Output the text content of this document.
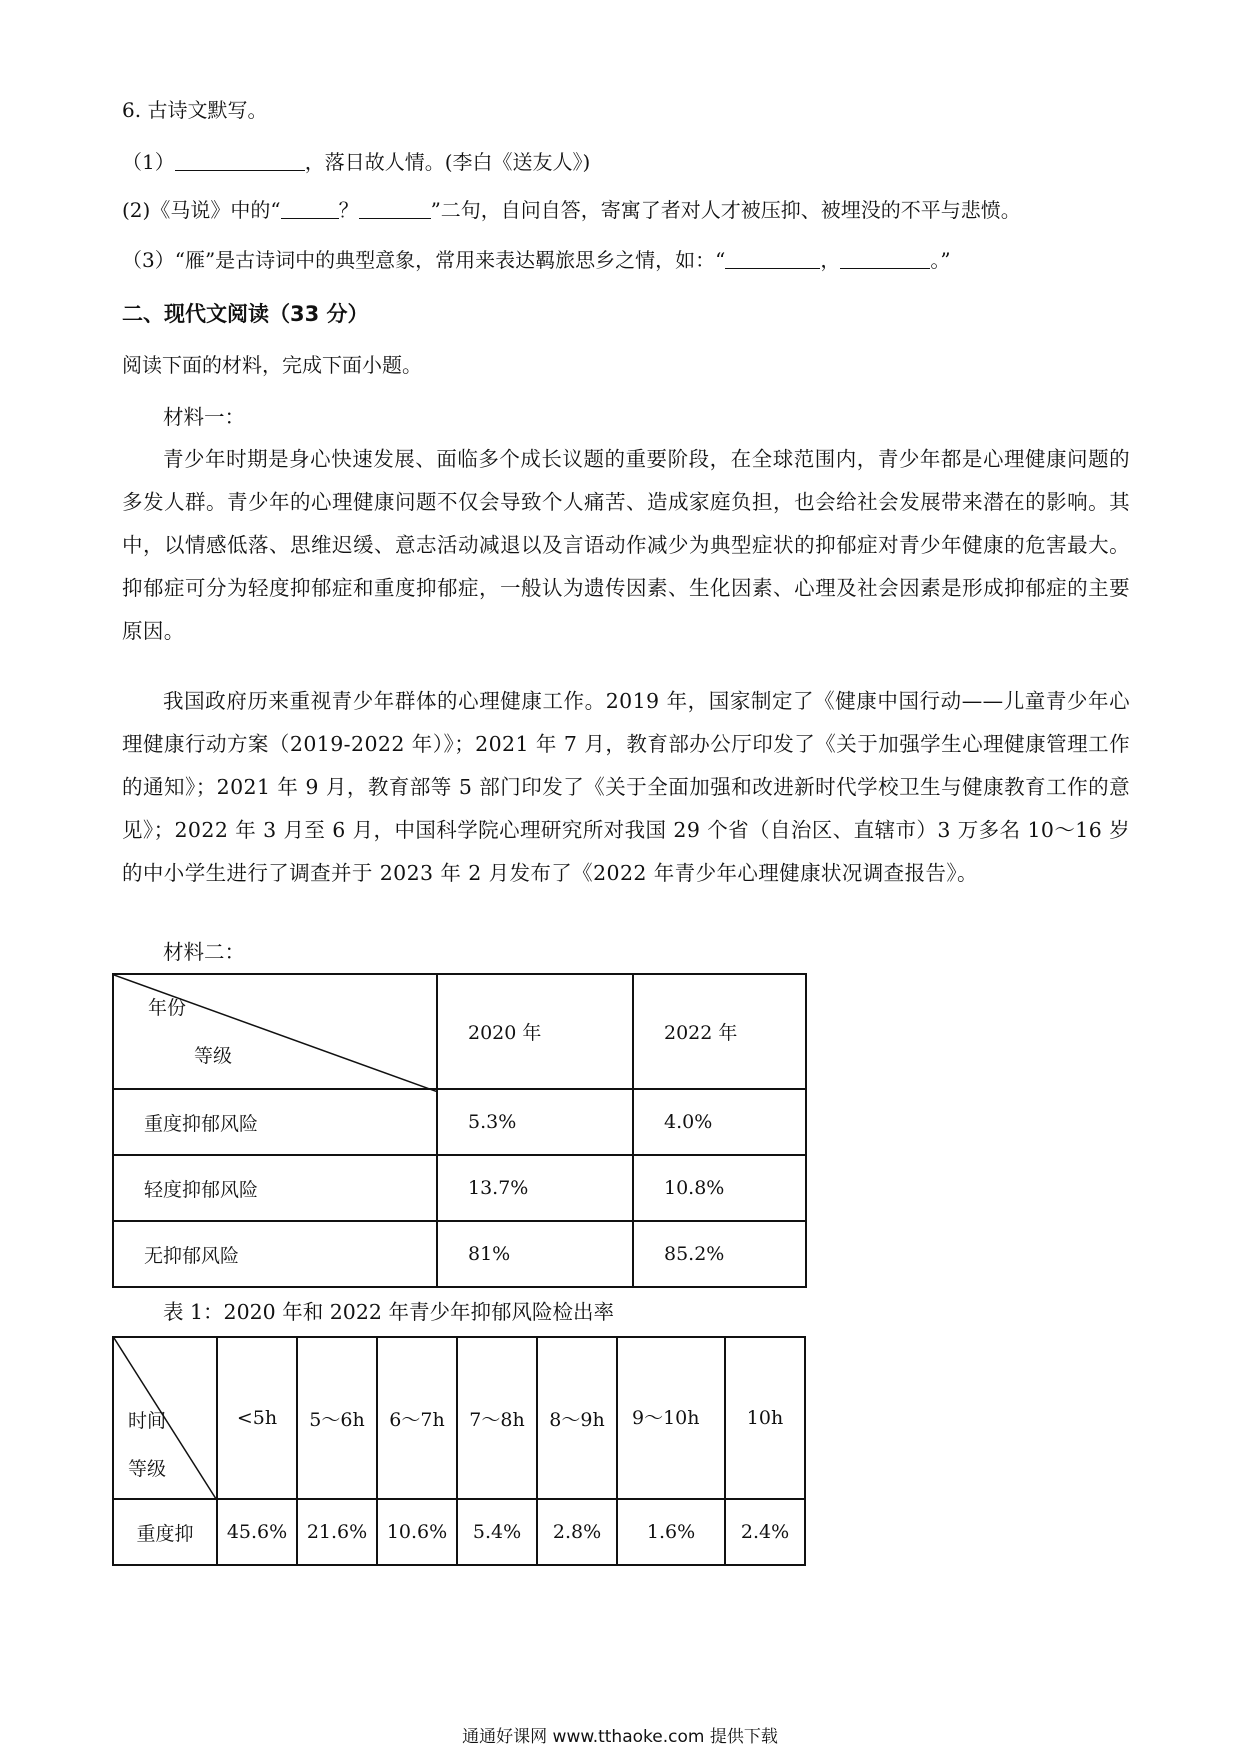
6. 古诗文默写。
（1）	，落日故人情。(李白《送友人》)
(2)《马说》中的“	？	”二句，自问自答，寄寓了者对人才被压抑、被埋没的不平与悲愤。
（3）“雁”是古诗词中的典型意象，常用来表达羁旅思乡之情，如：“	，	。”
二、现代文阅读（33 分）
阅读下面的材料，完成下面小题。
材料一：
青少年时期是身心快速发展、面临多个成长议题的重要阶段，在全球范围内，青少年都是心理健康问题的多发人群。青少年的心理健康问题不仅会导致个人痛苦、造成家庭负担，也会给社会发展带来潜在的影响。其中，以情感低落、思维迟缓、意志活动减退以及言语动作减少为典型症状的抑郁症对青少年健康的危害最大。抑郁症可分为轻度抑郁症和重度抑郁症，一般认为遗传因素、生化因素、心理及社会因素是形成抑郁症的主要原因。
我国政府历来重视青少年群体的心理健康工作。2019 年，国家制定了《健康中国行动——儿童青少年心理健康行动方案（2019-2022 年）》；2021 年 7 月，教育部办公厅印发了《关于加强学生心理健康管理工作的通知》；2021 年 9 月，教育部等 5 部门印发了《关于全面加强和改进新时代学校卫生与健康教育工作的意见》；2022 年 3 月至 6 月，中国科学院心理研究所对我国 29 个省（自治区、直辖市）3 万多名 10～16 岁的中小学生进行了调查并于 2023 年 2 月发布了《2022 年青少年心理健康状况调查报告》。
材料二：
年份
等级	2020 年	2022 年
重度抑郁风险	5.3%	4.0%
轻度抑郁风险	13.7%	10.8%
无抑郁风险	81%	85.2%
表 1：2020 年和 2022 年青少年抑郁风险检出率
时间
等级	<5h	5～6h	6～7h	7～8h	8～9h	9～10h	10h
重度抑	45.6%	21.6%	10.6%	5.4%	2.8%	1.6%	2.4%
通通好课网 www.tthaoke.com 提供下载
